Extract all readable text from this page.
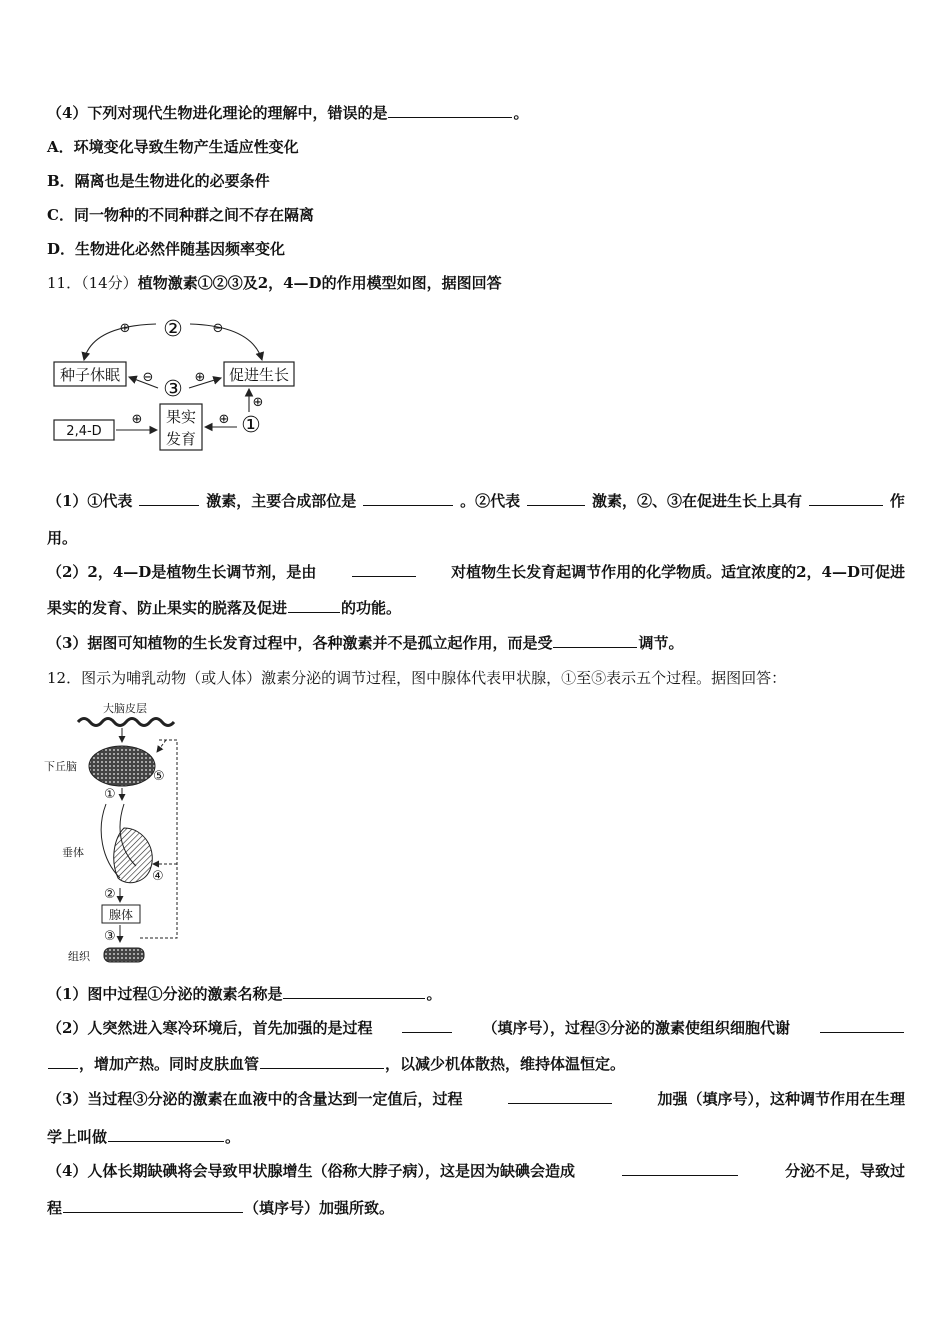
（4）下列对现代生物进化理论的理解中，错误的是	。
A．环境变化导致生物产生适应性变化
B．隔离也是生物进化的必要条件
C．同一物种的不同种群之间不存在隔离
D．生物进化必然伴随基因频率变化
11．（14分）植物激素①②③及2，4—D的作用模型如图，据图回答
种子休眠	促进生长
2,4-D
果实
发育
②
③
①
⊕	⊖
⊖	⊕
⊕
⊕	⊕
（1）①代表	激素，主要合成部位是	。②代表	激素，②、③在促进生长上具有	作
用。
（2）2，4—D是植物生长调节剂，是由	对植物生长发育起调节作用的化学物质。适宜浓度的2，4—D可促进
果实的发育、防止果实的脱落及促进	的功能。
（3）据图可知植物的生长发育过程中，各种激素并不是孤立起作用，而是受	调节。
12．图示为哺乳动物（或人体）激素分泌的调节过程，图中腺体代表甲状腺，①至⑤表示五个过程。据图回答：
大脑皮层
下丘脑
①
垂体
④
②
腺体
③
组织
⑤
（1）图中过程①分泌的激素名称是	。
（2）人突然进入寒冷环境后，首先加强的是过程	（填序号），过程③分泌的激素使组织细胞代谢
，增加产热。同时皮肤血管	，以减少机体散热，维持体温恒定。
（3）当过程③分泌的激素在血液中的含量达到一定值后，过程	加强（填序号），这种调节作用在生理
学上叫做	。
（4）人体长期缺碘将会导致甲状腺增生（俗称大脖子病），这是因为缺碘会造成	分泌不足，导致过
程	（填序号）加强所致。
